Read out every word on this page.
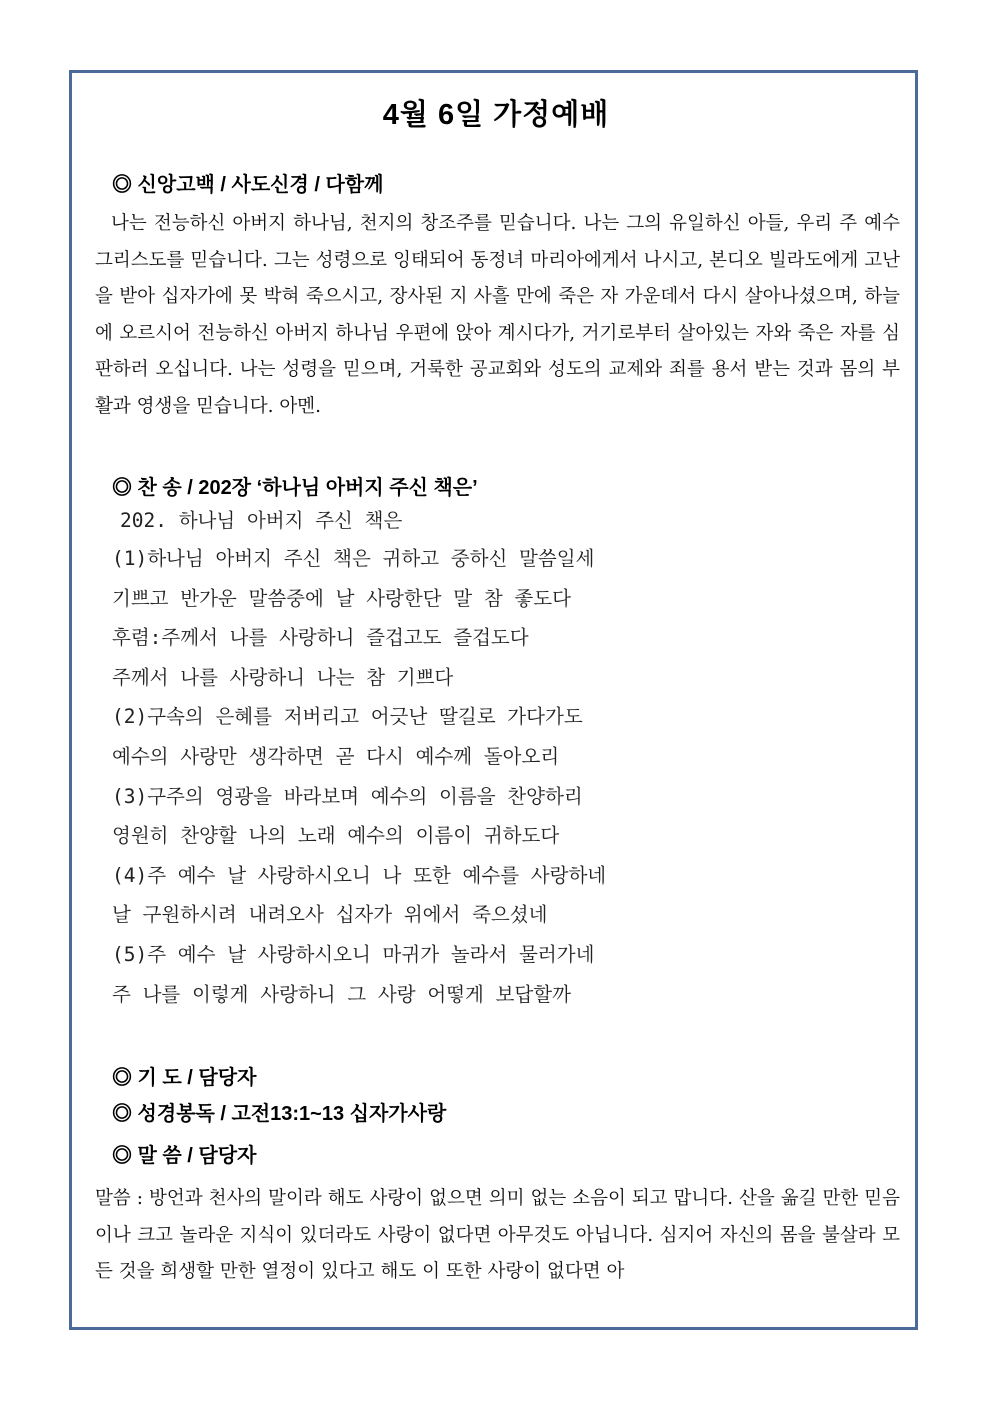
4월 6일 가정예배
◎ 신앙고백 / 사도신경 / 다함께

나는 전능하신 아버지 하나님, 천지의 창조주를 믿습니다. 나는 그의 유일하신 아들, 우리 주 예수 그리스도를 믿습니다. 그는 성령으로 잉태되어 동정녀 마리아에게서 나시고, 본디오 빌라도에게 고난을 받아 십자가에 못 박혀 죽으시고, 장사된 지 사흘 만에 죽은 자 가운데서 다시 살아나셨으며, 하늘에 오르시어 전능하신 아버지 하나님 우편에 앉아 계시다가, 거기로부터 살아있는 자와 죽은 자를 심판하러 오십니다. 나는 성령을 믿으며, 거룩한 공교회와 성도의 교제와 죄를 용서 받는 것과 몸의 부활과 영생을 믿습니다. 아멘.

◎ 찬 송 / 202장 ‘하나님 아버지 주신 책은’
202. 하나님 아버지 주신 책은
(1)하나님 아버지 주신 책은 귀하고 중하신 말씀일세
기쁘고 반가운 말씀중에 날 사랑한단 말 참 좋도다
후렴:주께서 나를 사랑하니 즐겁고도 즐겁도다
주께서 나를 사랑하니 나는 참 기쁘다
(2)구속의 은혜를 저버리고 어긋난 딸길로 가다가도
예수의 사랑만 생각하면 곧 다시 예수께 돌아오리
(3)구주의 영광을 바라보며 예수의 이름을 찬양하리
영원히 찬양할 나의 노래 예수의 이름이 귀하도다
(4)주 예수 날 사랑하시오니 나 또한 예수를 사랑하네
날 구원하시려 내려오사 십자가 위에서 죽으셨네
(5)주 예수 날 사랑하시오니 마귀가 놀라서 물러가네
주 나를 이렇게 사랑하니 그 사랑 어떻게 보답할까
◎ 기 도 / 담당자
◎ 성경봉독 / 고전13:1~13 십자가사랑
◎ 말 씀 / 담당자

말씀 : 방언과 천사의 말이라 해도 사랑이 없으면 의미 없는 소음이 되고 맙니다. 산을 옮길 만한 믿음이나 크고 놀라운 지식이 있더라도 사랑이 없다면 아무것도 아닙니다. 심지어 자신의 몸을 불살라 모든 것을 희생할 만한 열정이 있다고 해도 이 또한 사랑이 없다면 아
